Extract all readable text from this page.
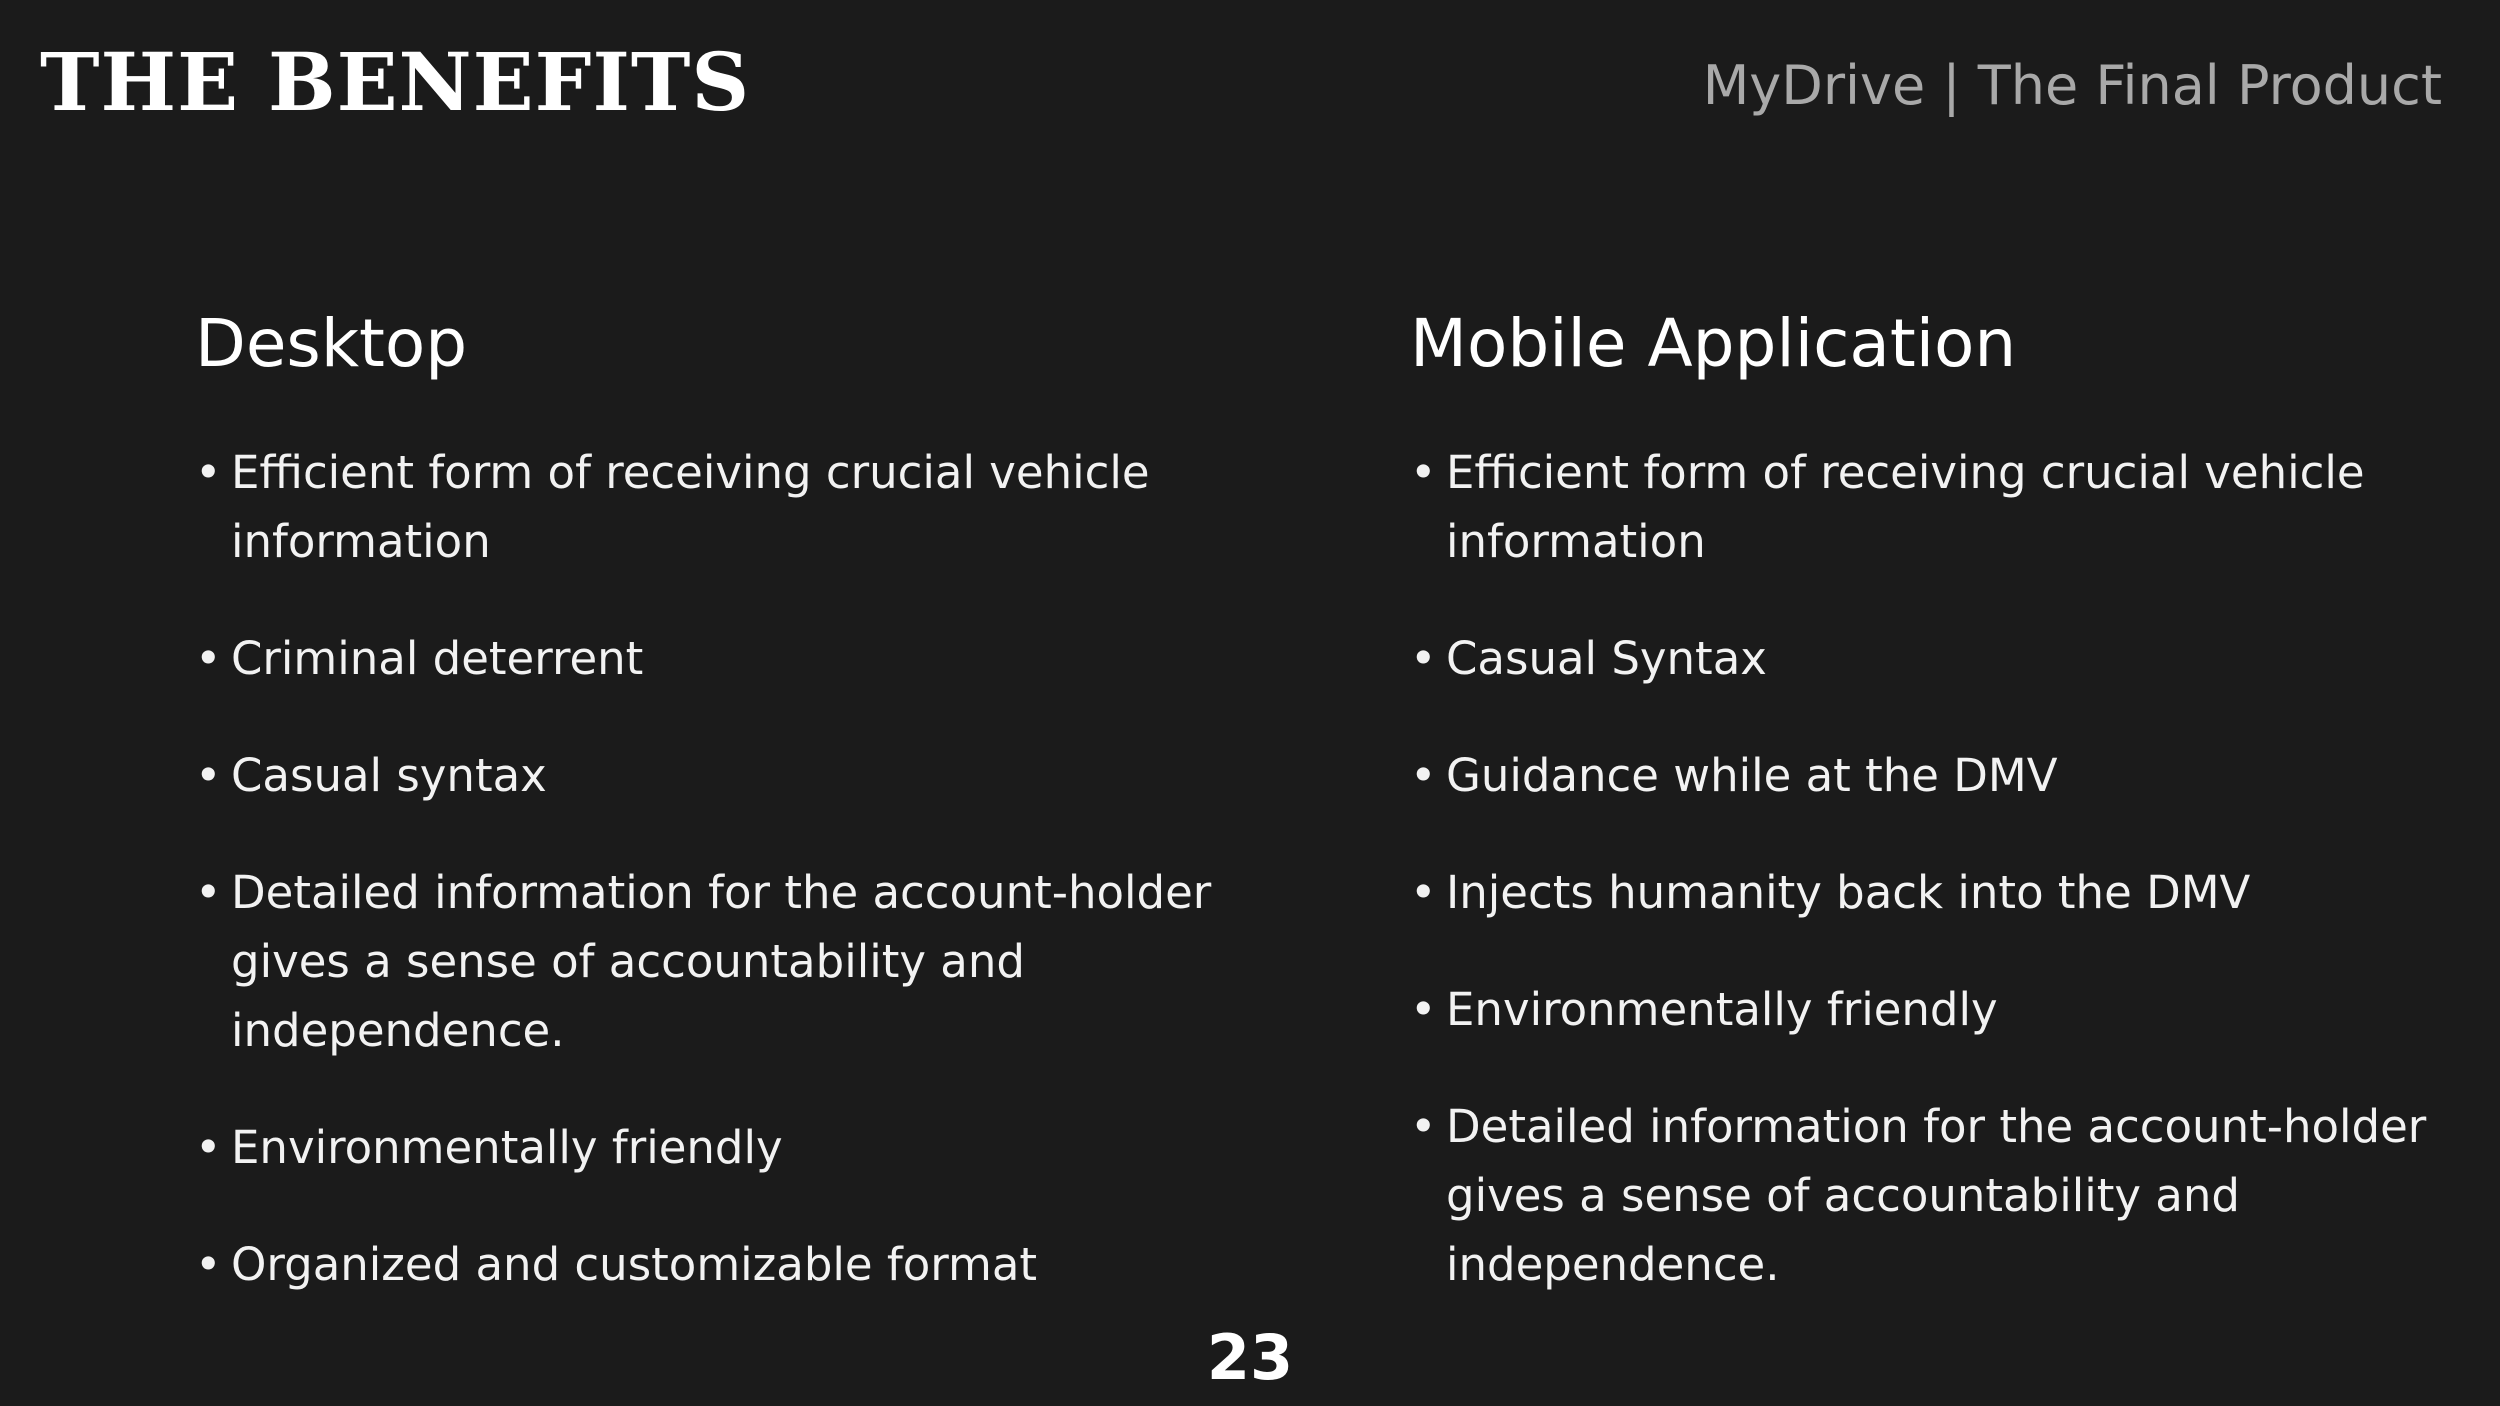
THE BENEFITS	MyDrive | The Final Product
Desktop
• Efficient form of receiving crucial vehicle information
• Criminal deterrent
• Casual syntax
• Detailed information for the account-holder gives a sense of accountability and independence.
• Environmentally friendly
• Organized and customizable format
Mobile Application
• Efficient form of receiving crucial vehicle information
• Casual Syntax
• Guidance while at the DMV
• Injects humanity back into the DMV
• Environmentally friendly
• Detailed information for the account-holder gives a sense of accountability and independence.
23
